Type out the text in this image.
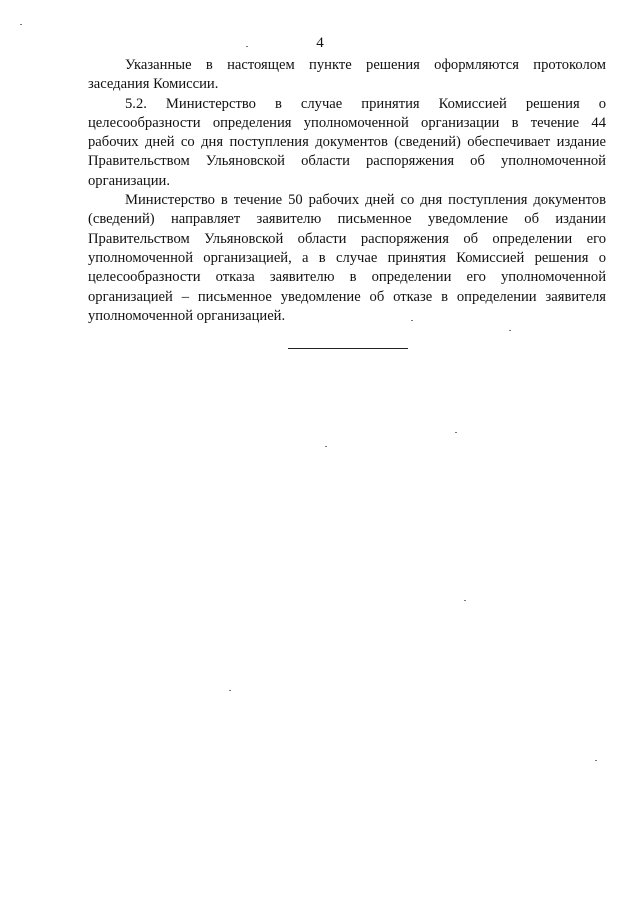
4

Указанные в настоящем пункте решения оформляются протоколом заседания Комиссии.

5.2. Министерство в случае принятия Комиссией решения о целесообразности определения уполномоченной организации в течение 44 рабочих дней со дня поступления документов (сведений) обеспечивает издание Правительством Ульяновской области распоряжения об уполномоченной организации.

Министерство в течение 50 рабочих дней со дня поступления документов (сведений) направляет заявителю письменное уведомление об издании Правительством Ульяновской области распоряжения об определении его уполномоченной организацией, а в случае принятия Комиссией решения о целесообразности отказа заявителю в определении его уполномоченной организацией – письменное уведомление об отказе в определении заявителя уполномоченной организацией.
